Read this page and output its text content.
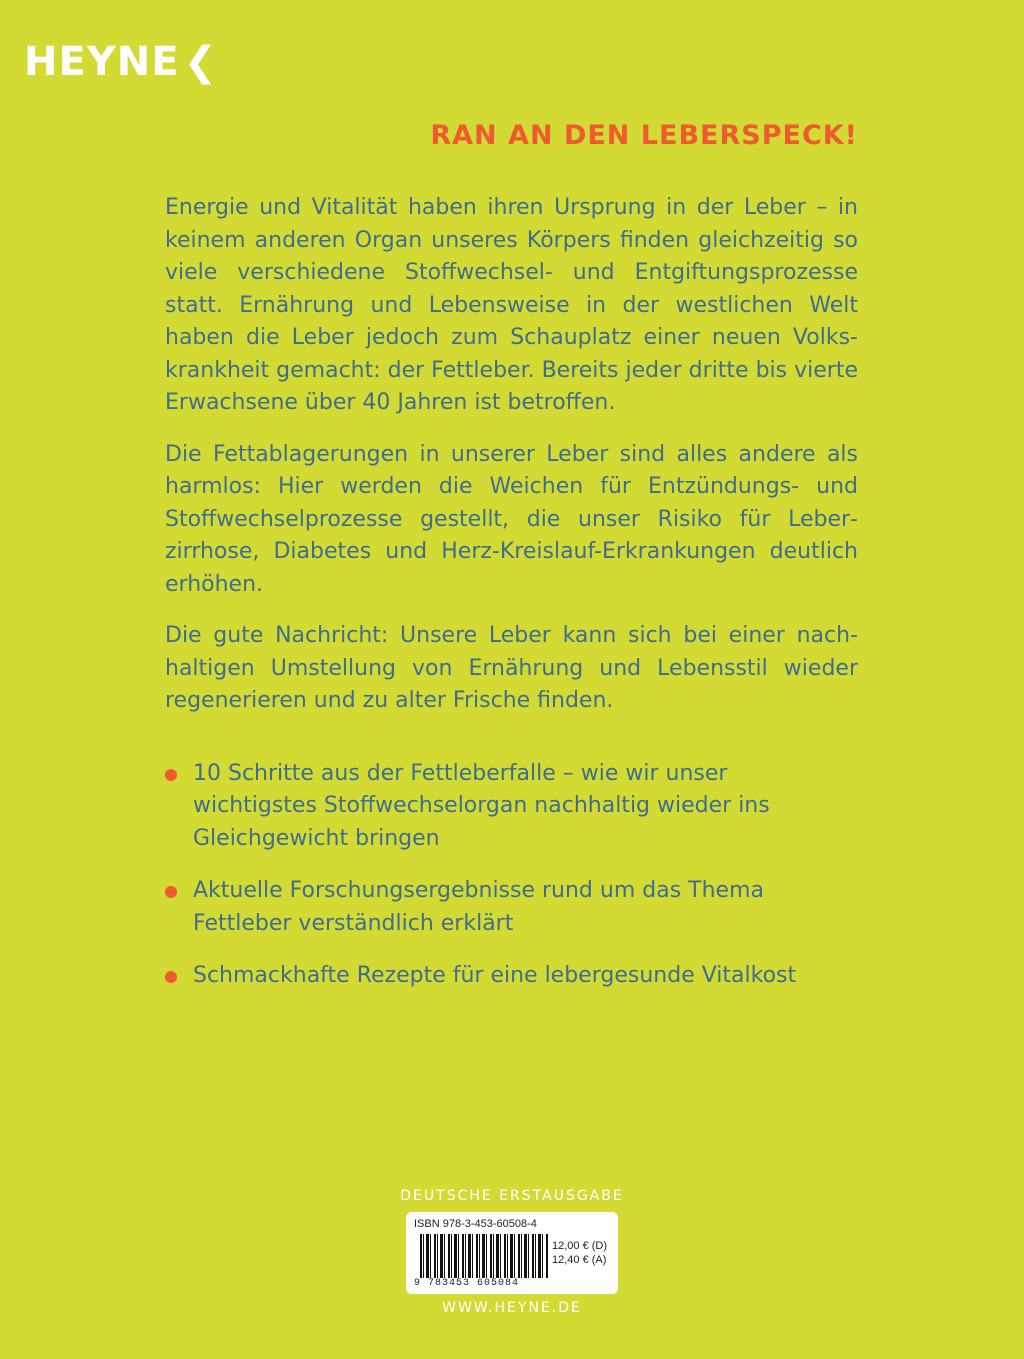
HEYNE ❮
RAN AN DEN LEBERSPECK!

Energie und Vitalität haben ihren Ursprung in der Leber – in keinem anderen Organ unseres Körpers finden gleichzeitig so viele verschiedene Stoffwechsel- und Entgiftungsprozesse statt. Ernährung und Lebensweise in der westlichen Welt haben die Leber jedoch zum Schauplatz einer neuen Volkskrankheit gemacht: der Fettleber. Bereits jeder dritte bis vierte Erwachsene über 40 Jahren ist betroffen.

Die Fettablagerungen in unserer Leber sind alles andere als harmlos: Hier werden die Weichen für Entzündungs- und Stoffwechselprozesse gestellt, die unser Risiko für Leberzirrhose, Diabetes und Herz-Kreislauf-Erkrankungen deutlich erhöhen.

Die gute Nachricht: Unsere Leber kann sich bei einer nachhaltigen Umstellung von Ernährung und Lebensstil wieder regenerieren und zu alter Frische finden.

10 Schritte aus der Fettleberfalle – wie wir unser wichtigstes Stoffwechselorgan nachhaltig wieder ins Gleichgewicht bringen
Aktuelle Forschungsergebnisse rund um das Thema Fettleber verständlich erklärt
Schmackhafte Rezepte für eine lebergesunde Vitalkost
DEUTSCHE ERSTAUSGABE
ISBN 978-3-453-60508-4
9 783453 605084
12,00 € (D)
12,40 € (A)
WWW.HEYNE.DE
